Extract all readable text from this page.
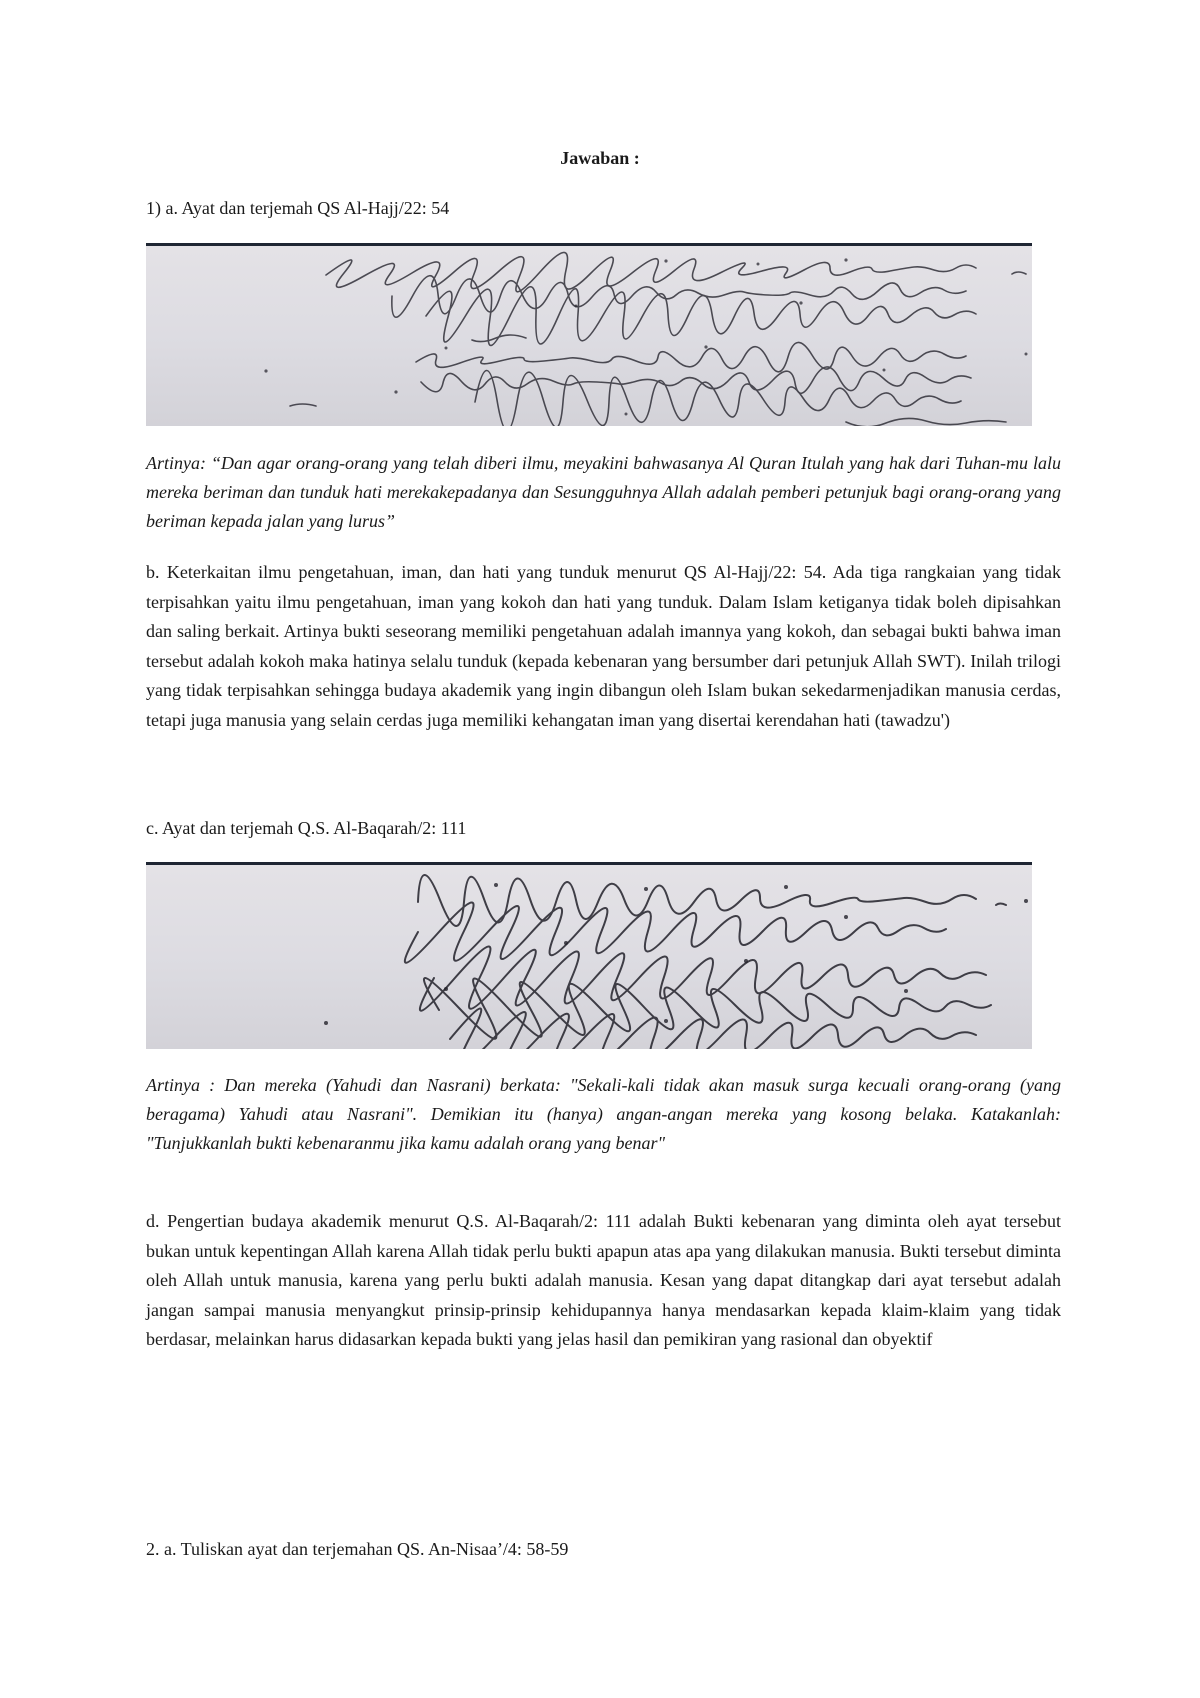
Jawaban :
1) a. Ayat dan terjemah QS Al-Hajj/22: 54
Artinya: “Dan agar orang-orang yang telah diberi ilmu, meyakini bahwasanya Al Quran Itulah yang hak dari Tuhan-mu lalu mereka beriman dan tunduk hati merekakepadanya dan Sesungguhnya Allah adalah pemberi petunjuk bagi orang-orang yang beriman kepada jalan yang lurus”
b. Keterkaitan ilmu pengetahuan, iman, dan hati yang tunduk menurut QS Al-Hajj/22: 54. Ada tiga rangkaian yang tidak terpisahkan yaitu ilmu pengetahuan, iman yang kokoh dan hati yang tunduk. Dalam Islam ketiganya tidak boleh dipisahkan dan saling berkait. Artinya bukti seseorang memiliki pengetahuan adalah imannya yang kokoh, dan sebagai bukti bahwa iman tersebut adalah kokoh maka hatinya selalu tunduk (kepada kebenaran yang bersumber dari petunjuk Allah SWT). Inilah trilogi yang tidak terpisahkan sehingga budaya akademik yang ingin dibangun oleh Islam bukan sekedarmenjadikan manusia cerdas, tetapi juga manusia yang selain cerdas juga memiliki kehangatan iman yang disertai kerendahan hati (tawadzu')
c. Ayat dan terjemah Q.S. Al-Baqarah/2: 111
Artinya : Dan mereka (Yahudi dan Nasrani) berkata: "Sekali-kali tidak akan masuk surga kecuali orang-orang (yang beragama) Yahudi atau Nasrani". Demikian itu (hanya) angan-angan mereka yang kosong belaka. Katakanlah: "Tunjukkanlah bukti kebenaranmu jika kamu adalah orang yang benar"
d. Pengertian budaya akademik menurut Q.S. Al-Baqarah/2: 111 adalah Bukti kebenaran yang diminta oleh ayat tersebut bukan untuk kepentingan Allah karena Allah tidak perlu bukti apapun atas apa yang dilakukan manusia. Bukti tersebut diminta oleh Allah untuk manusia, karena yang perlu bukti adalah manusia. Kesan yang dapat ditangkap dari ayat tersebut adalah jangan sampai manusia menyangkut prinsip-prinsip kehidupannya hanya mendasarkan kepada klaim-klaim yang tidak berdasar, melainkan harus didasarkan kepada bukti yang jelas hasil dan pemikiran yang rasional dan obyektif
2. a. Tuliskan ayat dan terjemahan QS. An-Nisaa’/4: 58-59
